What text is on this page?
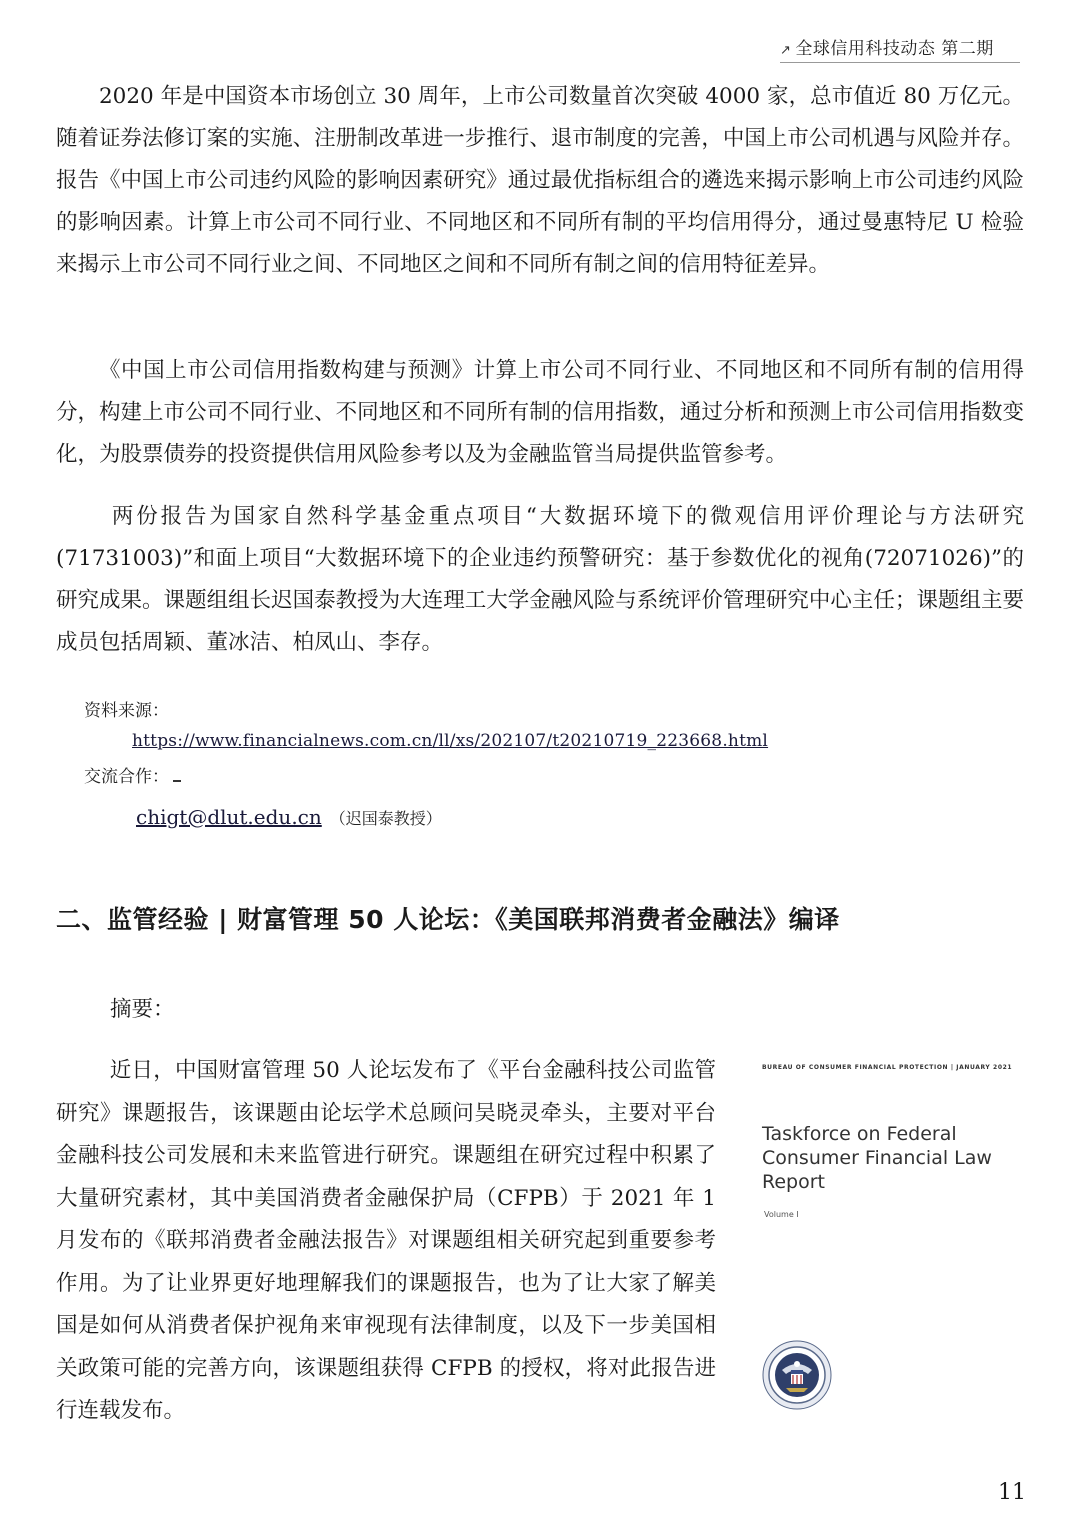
↗ 全球信用科技动态 第二期

2020 年是中国资本市场创立 30 周年，上市公司数量首次突破 4000 家，总市值近 80 万亿元。随着证券法修订案的实施、注册制改革进一步推行、退市制度的完善，中国上市公司机遇与风险并存。报告《中国上市公司违约风险的影响因素研究》通过最优指标组合的遴选来揭示影响上市公司违约风险的影响因素。计算上市公司不同行业、不同地区和不同所有制的平均信用得分，通过曼惠特尼 U 检验来揭示上市公司不同行业之间、不同地区之间和不同所有制之间的信用特征差异。

《中国上市公司信用指数构建与预测》计算上市公司不同行业、不同地区和不同所有制的信用得分，构建上市公司不同行业、不同地区和不同所有制的信用指数，通过分析和预测上市公司信用指数变化，为股票债券的投资提供信用风险参考以及为金融监管当局提供监管参考。

两份报告为国家自然科学基金重点项目“大数据环境下的微观信用评价理论与方法研究(71731003)”和面上项目“大数据环境下的企业违约预警研究：基于参数优化的视角(72071026)”的研究成果。课题组组长迟国泰教授为大连理工大学金融风险与系统评价管理研究中心主任；课题组主要成员包括周颖、董冰洁、柏凤山、李存。

资料来源：
https://www.financialnews.com.cn/ll/xs/202107/t20210719_223668.html
交流合作：
chigt@dlut.edu.cn （迟国泰教授）
二、监管经验 | 财富管理 50 人论坛：《美国联邦消费者金融法》编译
摘要：

近日，中国财富管理 50 人论坛发布了《平台金融科技公司监管研究》课题报告，该课题由论坛学术总顾问吴晓灵牵头，主要对平台金融科技公司发展和未来监管进行研究。课题组在研究过程中积累了大量研究素材，其中美国消费者金融保护局（CFPB）于 2021 年 1 月发布的《联邦消费者金融法报告》对课题组相关研究起到重要参考作用。为了让业界更好地理解我们的课题报告，也为了让大家了解美国是如何从消费者保护视角来审视现有法律制度，以及下一步美国相关政策可能的完善方向，该课题组获得 CFPB 的授权，将对此报告进行连载发布。

BUREAU OF CONSUMER FINANCIAL PROTECTION | JANUARY 2021
Taskforce on Federal Consumer Financial Law Report
Volume I
11
